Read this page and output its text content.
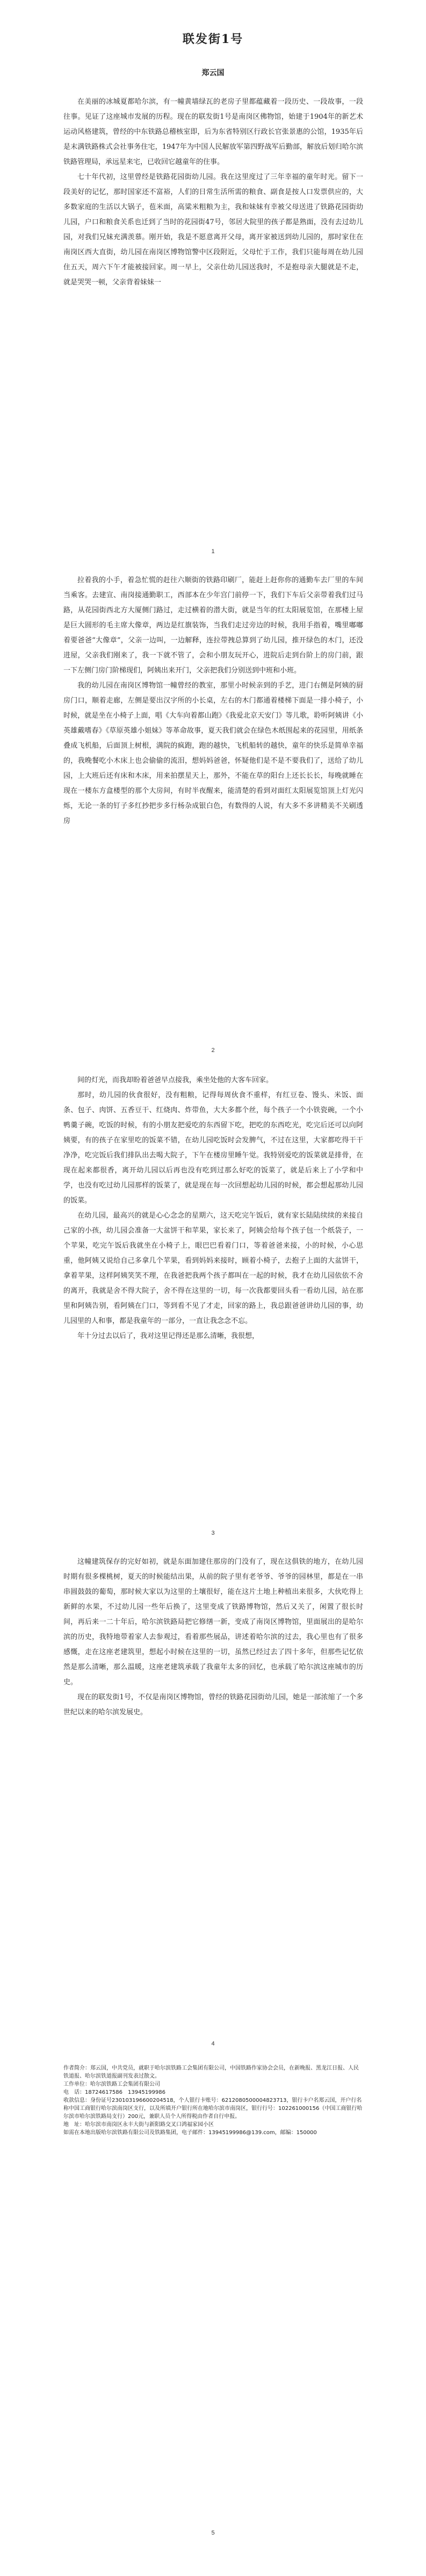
联发街1号
郑云国

在美丽的冰城夏都哈尔滨，有一幢黄墙绿瓦的老房子里都蕴藏着一段历史、一段故事，一段往事。见证了这座城市发展的历程。现在的联发街1号是南岗区佛物馆，始建于1904年的新艺术运动风格建筑，曾经的中东铁路总稽核室即，后为东省特别区行政长官张景惠的公馆，1935年后是末满铁路株式会社事务住宅，1947年为中国人民解放军第四野战军后勤部，解放后划归哈尔滨铁路管理局，承远星来宅，已收回它越童年的住事。

七十年代初，这里曾经是铁路花园街幼儿园。我在这里度过了三年幸福的童年时光。留下一段美好的记忆，那时国家还不富裕，人们的日常生活所需的粮食、副食是按人口发票供应的，大多数家庭的生活以大锅子，苞米面，高粱米粗粮为主，我和妹妹有幸被父母送进了铁路花园街幼儿园，户口和粮食关系也迁到了当时的花园街47号，邻居大院里的孩子都是熟面，没有去过幼儿园，对我们兄妹充满羡慕。刚开始，我是不愿意离开父母，离开家被送到幼儿园的，那时家住在南岗区西大直街，幼儿园在南岗区博物馆警中区段附近，父母忙于工作，我们只能每周在幼儿园住五天，周六下午才能被接回家。周一早上，父亲仕幼儿园送我时，不是抱母亲大腿就是不走，就是哭哭一顿，父亲背着妹妹一

1

拉着我的小手，着急忙慌的赶往六顺街的铁路印刷厂，能赶上赶你你的通勤车去厂里的车间当乘客。去建宣、南岗接通勤职工，西部本在少年宫门前停一下，我们下车后父亲带着我们过马路，从花园街西北方大厦侧门路过，走过横着的潜大街，就是当年的红太阳展览馆，在那楼上屋是巨大圆形的毛主席大像章，两边是红旗装饰，当我们走过旁边的时候，我用手指着，嘴里嘟嘟着要爸爸“大像章”，父亲一边叫，一边解释，连拉带拽总算到了幼儿园，推开绿色的木门，还没进屋，父亲我们刚来了，我一下就不管了，会和小朋友玩开心，进院后走到台阶上的房门前，跟一下左侧门房门阶梯现们，阿姨出来开门，父亲把我们分别送到中班和小班。

我的幼儿园在南岗区博物馆一幢曾经的教室，那里小时候亲到的手艺，进门右侧是阿姨的厨房门口，顺着走廊，左侧是要出汉字所的小长桌，左右的木门都通着楼梯下面是一排小椅子，小时候，就是坐在小椅子上面，唱《大车向着都山跑》《我爱北京天安门》等儿歌，聆听阿姨讲《小英雄戴嗜春》《草原英雄小姐妹》等革命故事，夏天我们就会在绿色木纸围起来的花园里，用纸条叠成飞机船，后面顶上树根，满院的疯跑，跑的越快，飞机船转的越快，童年的快乐是简单幸福的，我晚餐吃小木床上也会偷偷的流泪，想妈妈爸爸，怀疑他们是不是不要我们了，送给了幼儿园，上大班后还有床和木床，用来拍摆星天上，那外，不能在草的阳台上还长长长，每晚就睡在现在一楼东方盒楼型的那个大房间，有时半夜醒来，能清楚的看到对面红太阳展览馆顶上灯光闪烁，无论一条的钉子多红抄把步多行杨杂成银白色，有数得的人说，有大多不多讲精美不关刷透房

2

间的灯光，而我却盼着爸爸早点接我，乘坐处他的大客车回家。

那时，幼儿园的伙食很好，没有粗粮，记得每周伙食不重样，有红豆卷、馒头、米饭、面条、包子、肉饼、五香豆干、红烧肉、炸带鱼，大大多都个丝，每个孩子一个小铁瓷碗，一个小鸭羹子碗，吃饭的时候，有的小朋友把爱吃的东西留下吃，把吃的东西吃光，吃完后还可以向阿姨要，有的孩子在家里吃的饭菜不错，在幼儿园吃饭时会发脾气，不过在这里，大家都吃得干干净净，吃完饭后我们排队出去喝大院子，下午在楼房里睡午觉。我特别爱吃的饭菜就是排骨，在现在起来都很香，离开幼儿园以后再也没有吃到过那么好吃的饭菜了，就是后来上了小学和中学，也没有吃过幼儿园那样的饭菜了，就是现在每一次回想起幼儿园的时候，都会想起那幼儿园的饭菜。

在幼儿园，最高兴的就是心心念念的星期六，这天吃完午饭后，就有家长陆陆续续的来接自己家的小孩，幼儿园会准备一大盆饼干和苹果，家长来了，阿姨会给每个孩子包一个纸袋子，一个苹果，吃完午饭后我就坐在小椅子上，眼巴巴看着门口，等着爸爸来接，小的时候，小心思重，他阿姨又说给自己多拿几个苹果，看到妈妈来接时，顾着小椅子，去抱子上面的大盆饼干，拿着苹果，这样阿姨笑笑不理，在我爸把我两个孩子都叫在一起的时候，我才在幼儿园依依不舍的离开，我就是舍不得大院子，舍不得在这里的一切，每一次我都要回头看一看幼儿园，站在那里和阿姨告别，看阿姨在门口，等到看不见了才走，回家的路上，我总跟爸爸讲幼儿园的事，幼儿园里的人和事，都是我童年的一部分，一直让我念念不忘。

年十分过去以后了，我对这里记得还是那么清晰，我很想，

3

这幢建筑保存的完好如初，就是东面加建住那房的门没有了，现在这俱铁的地方，在幼儿园时期有很多棵桃树，夏天的时候能结出果，从前的院子里有老爷爷、爷爷的园林里，都是在一串串圆鼓鼓的葡萄，那时候大家以为这里的土壤很好，能在这片土地上种植出来很多，大伙吃得上新鲜的水果，不过幼儿园一些年后换了，这里变成了铁路博物馆，然后又关了，闲置了很长时间，再后来一二十年后，哈尔滨铁路局把它修缮一新，变成了南岗区博物馆，里面展出的是哈尔滨的历史，我特地带着家人去参观过，看着那些展品，讲述着哈尔滨的过去，我心里也有了很多感慨，走在这座老建筑里，想起小时候在这里的一切，虽然已经过去了四十多年，但那些记忆依然是那么清晰，那么温暖，这座老建筑承载了我童年太多的回忆，也承载了哈尔滨这座城市的历史。

现在的联发街1号，不仅是南岗区博物馆，曾经的铁路花园街幼儿园，她是一部浓缩了一个多世纪以来的哈尔滨发展史。

4
作者简介：郑云国，中共党员，就职于哈尔滨铁路工会集团有限公司，中国铁路作家协会会员，在新晚报、黑龙江日报、人民铁道报、哈尔滨铁道报副刊发表过散文。
工作单位：哈尔滨铁路工会集团有限公司
电　话：18724617586　13945199986
收款信息：身份证号230103196600204518，个人银行卡账号：6212080500004823713，银行卡户名郑云国，开户行名称中国工商银行哈尔滨南岗区支行，以及所填开户银行所在地哈尔滨市南岗区，银行行号：102261000156（中国工商银行哈尔滨市哈尔滨铁路局支行）200元，兼职人员个人所得税由作者自行申报。
地　址：哈尔滨市南岗区永丰大街与新阳路交叉口鸿福家园小区
如需在本地出版哈尔滨铁路有限公司及铁路集团，电子邮件：13945199986@139.com，邮编：150000
5
